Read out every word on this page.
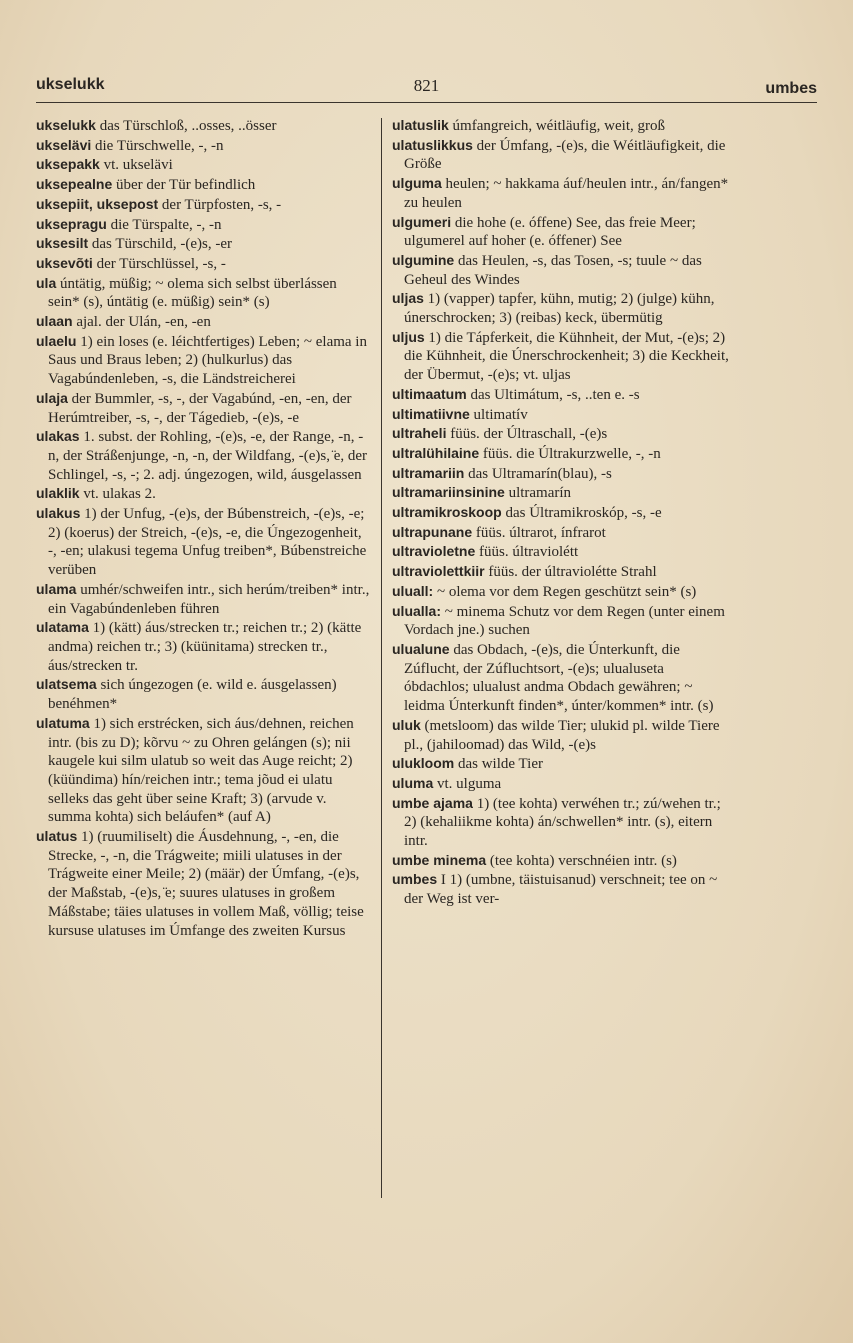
ukselukk	821	umbes

ukselukk das Türschloß, ..osses, ..össer

ukselävi die Türschwelle, -, -n

uksepakk vt. ukselävi

uksepealne über der Tür befindlich

uksepiit, uksepost der Türpfosten, -s, -

uksepragu die Türspalte, -, -n

uksesilt das Türschild, -(e)s, -er

uksevõti der Türschlüssel, -s, -

ula úntätig, müßig; ~ olema sich selbst überlássen sein* (s), úntätig (e. müßig) sein* (s)

ulaan ajal. der Ulán, -en, -en

ulaelu 1) ein loses (e. léichtfertiges) Leben; ~ elama in Saus und Braus leben; 2) (hulkurlus) das Vagabúndenleben, -s, die Ländstreicherei

ulaja der Bummler, -s, -, der Vagabúnd, -en, -en, der Herúmtreiber, -s, -, der Tágedieb, -(e)s, -e

ulakas 1. subst. der Rohling, -(e)s, -e, der Range, -n, -n, der Stráßenjunge, -n, -n, der Wildfang, -(e)s, ̈e, der Schlingel, -s, -; 2. adj. úngezogen, wild, áusgelassen

ulaklik vt. ulakas 2.

ulakus 1) der Unfug, -(e)s, der Búbenstreich, -(e)s, -e; 2) (koerus) der Streich, -(e)s, -e, die Úngezogenheit, -, -en; ulakusi tegema Unfug treiben*, Búbenstreiche verüben

ulama umhér/schweifen intr., sich herúm/treiben* intr., ein Vagabúndenleben führen

ulatama 1) (kätt) áus/strecken tr.; reichen tr.; 2) (kätte andma) reichen tr.; 3) (küünitama) strecken tr., áus/strecken tr.

ulatsema sich úngezogen (e. wild e. áusgelassen) benéhmen*

ulatuma 1) sich erstrécken, sich áus/dehnen, reichen intr. (bis zu D); kõrvu ~ zu Ohren gelángen (s); nii kaugele kui silm ulatub so weit das Auge reicht; 2) (küündima) hín/reichen intr.; tema jõud ei ulatu selleks das geht über seine Kraft; 3) (arvude v. summa kohta) sich beláufen* (auf A)

ulatus 1) (ruumiliselt) die Áusdehnung, -, -en, die Strecke, -, -n, die Trágweite; miili ulatuses in der Trágweite einer Meile; 2) (määr) der Úmfang, -(e)s, der Maßstab, -(e)s, ̈e; suures ulatuses in großem Máßstabe; täies ulatuses in vollem Maß, völlig; teise kursuse ulatuses im Úmfange des zweiten Kursus

ulatuslik úmfangreich, wéitläufig, weit, groß

ulatuslikkus der Úmfang, -(e)s, die Wéitläufigkeit, die Größe

ulguma heulen; ~ hakkama áuf/heulen intr., án/fangen* zu heulen

ulgumeri die hohe (e. óffene) See, das freie Meer; ulgumerel auf hoher (e. óffener) See

ulgumine das Heulen, -s, das Tosen, -s; tuule ~ das Geheul des Windes

uljas 1) (vapper) tapfer, kühn, mutig; 2) (julge) kühn, únerschrocken; 3) (reibas) keck, übermütig

uljus 1) die Tápferkeit, die Kühnheit, der Mut, -(e)s; 2) die Kühnheit, die Únerschrockenheit; 3) die Keckheit, der Übermut, -(e)s; vt. uljas

ultimaatum das Ultimátum, -s, ..ten e. -s

ultimatiivne ultimatív

ultraheli füüs. der Últraschall, -(e)s

ultralühilaine füüs. die Últrakurzwelle, -, -n

ultramariin das Ultramarín(blau), -s

ultramariinsinine ultramarín

ultramikroskoop das Últramikroskóp, -s, -e

ultrapunane füüs. últrarot, ínfrarot

ultravioletne füüs. últraviolétt

ultraviolettkiir füüs. der últraviolétte Strahl

uluall: ~ olema vor dem Regen geschützt sein* (s)

ulualla: ~ minema Schutz vor dem Regen (unter einem Vordach jne.) suchen

ulualune das Obdach, -(e)s, die Únterkunft, die Zúflucht, der Zúfluchtsort, -(e)s; ulualuseta óbdachlos; ulualust andma Obdach gewähren; ~ leidma Únterkunft finden*, únter/kommen* intr. (s)

uluk (metsloom) das wilde Tier; ulukid pl. wilde Tiere pl., (jahiloomad) das Wild, -(e)s

ulukloom das wilde Tier

uluma vt. ulguma

umbe ajama 1) (tee kohta) verwéhen tr.; zú/wehen tr.; 2) (kehaliikme kohta) án/schwellen* intr. (s), eitern intr.

umbe minema (tee kohta) verschnéien intr. (s)

umbes I 1) (umbne, täistuisanud) verschneit; tee on ~ der Weg ist ver-
